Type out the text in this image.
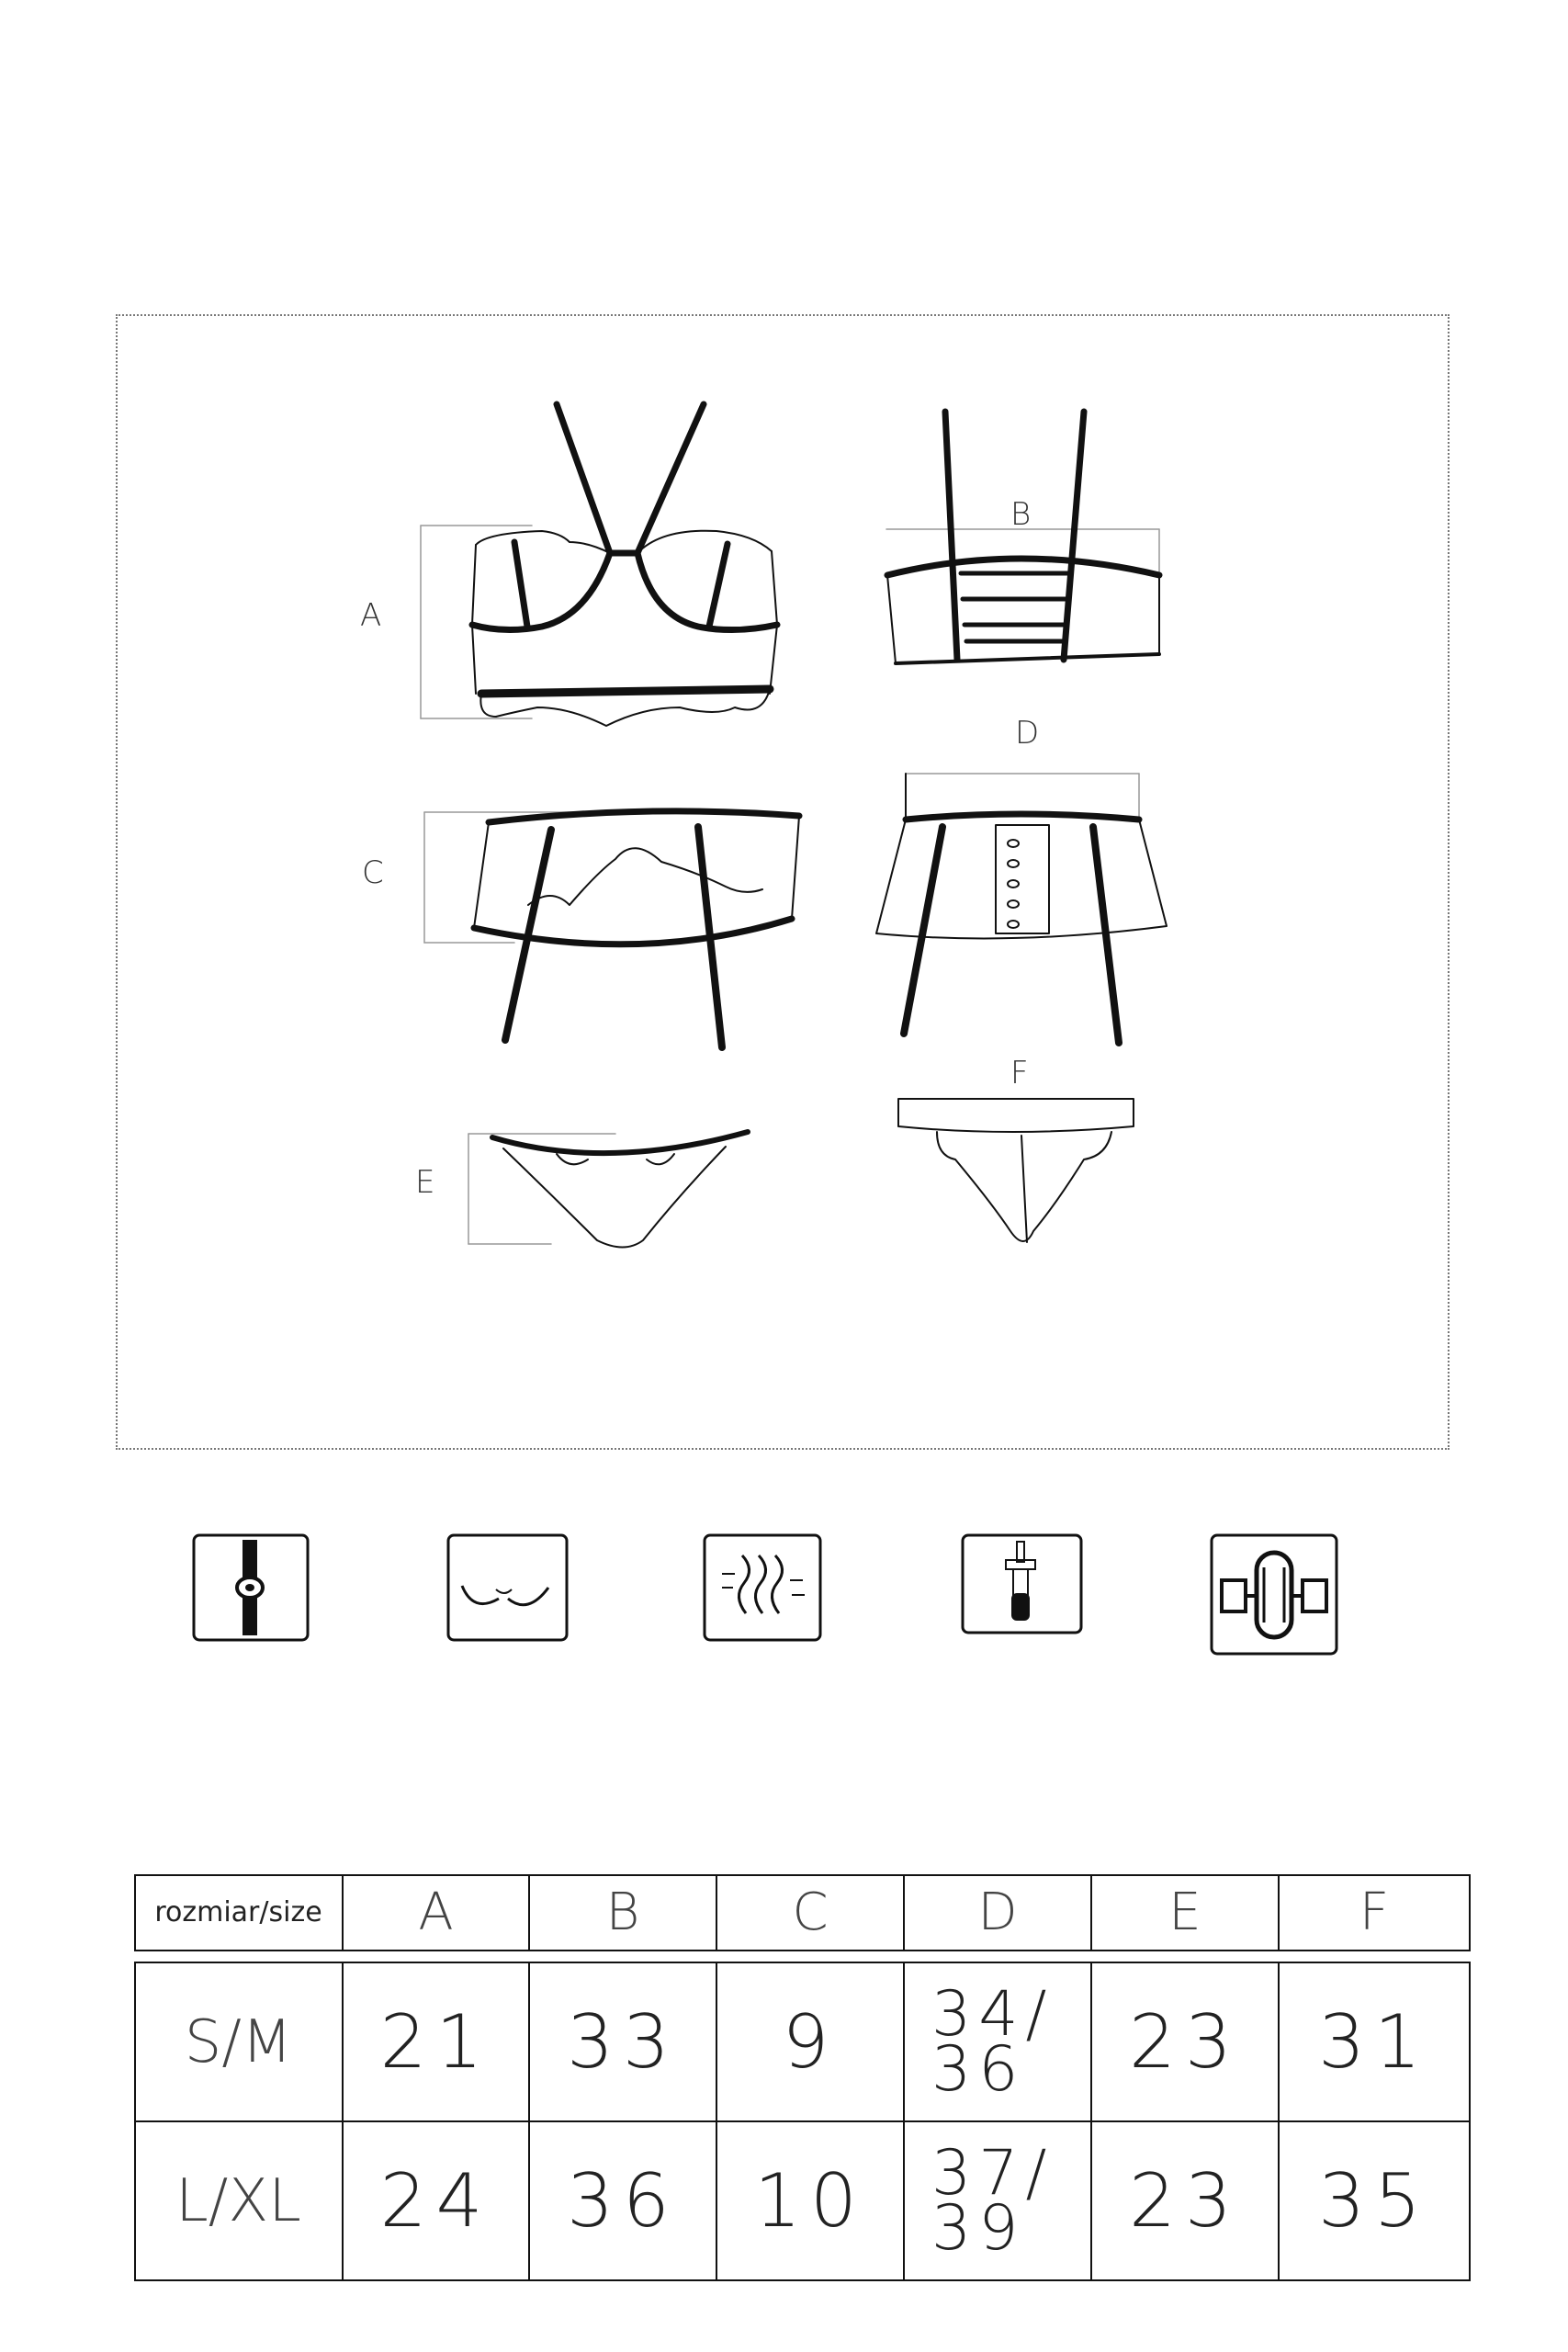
A
B
C
D
E
F
rozmiar/size	A	B	C	D	E	F
S/M	21	33	9	34/36	23	31
L/XL	24	36	10	37/39	23	35
